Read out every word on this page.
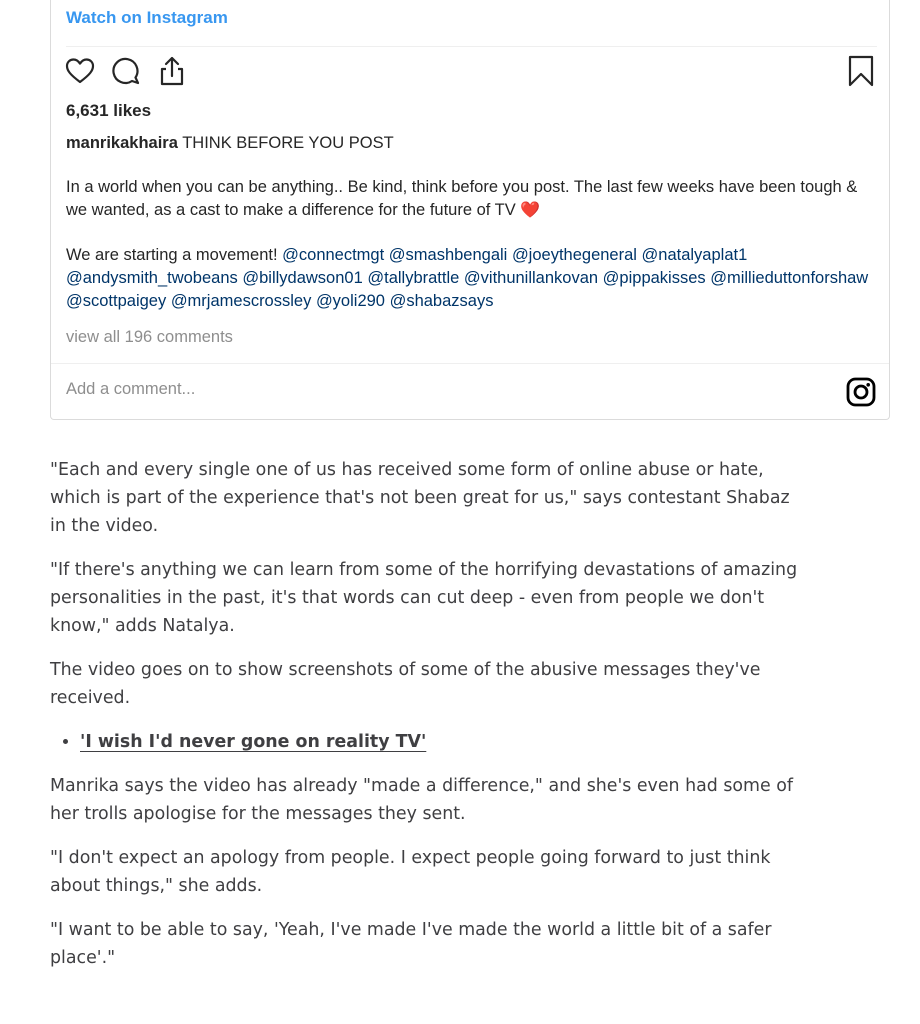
Watch on Instagram
6,631 likes
manrikakhaira THINK BEFORE YOU POST

In a world when you can be anything.. Be kind, think before you post. The last few weeks have been tough & we wanted, as a cast to make a difference for the future of TV ❤️

We are starting a movement! @connectmgt @smashbengali @joeythegeneral @natalyaplat1 @andysmith_twobeans @billydawson01 @tallybrattle @vithunillankovan @pippakisses @millieduttonforshaw @scottpaigey @mrjamescrossley @yoli290 @shabazsays

view all 196 comments
Add a comment...

"Each and every single one of us has received some form of online abuse or hate, which is part of the experience that's not been great for us," says contestant Shabaz in the video.

"If there's anything we can learn from some of the horrifying devastations of amazing personalities in the past, it's that words can cut deep - even from people we don't know," adds Natalya.

The video goes on to show screenshots of some of the abusive messages they've received.

• 'I wish I'd never gone on reality TV'

Manrika says the video has already "made a difference," and she's even had some of her trolls apologise for the messages they sent.

"I don't expect an apology from people. I expect people going forward to just think about things," she adds.

"I want to be able to say, 'Yeah, I've made I've made the world a little bit of a safer place'."
